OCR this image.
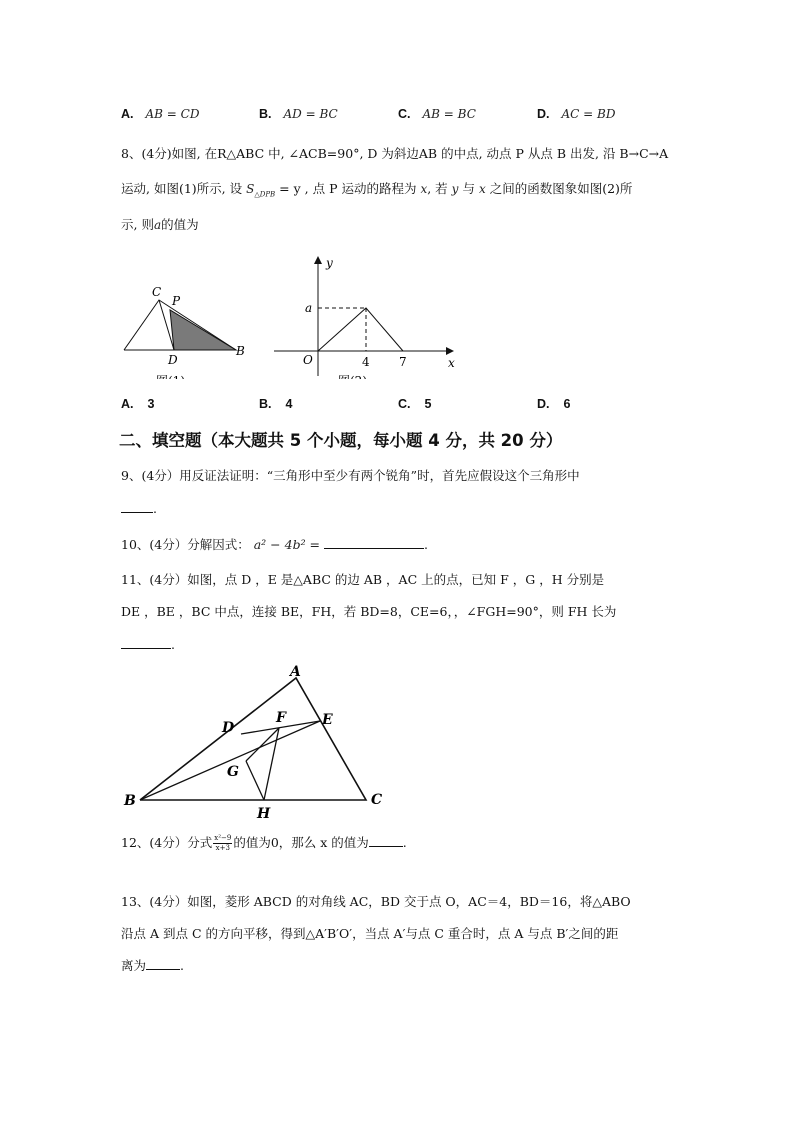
A. AB = CD	B. AD = BC	C. AB = BC	D. AC = BD
8、(4分)如图, 在R△ABC 中, ∠ACB=90°, D 为斜边AB 的中点, 动点 P 从点 B 出发, 沿 B→C→A
运动, 如图(1)所示, 设 $S_{\triangle DPB} = y$ , 点 P 运动的路程为 x, 若 y 与 x 之间的函数图象如图(2)所
示, 则a的值为
C
P
D
B
y
a
O	4 7	x
A. 3	B. 4	C. 5	D. 6
二、填空题（本大题共 5 个小题，每小题 4 分，共 20 分）
9、(4分）用反证法证明：“三角形中至少有两个锐角”时，首先应假设这个三角形中
.
10、(4分）分解因式： a² − 4b² =	.
11、(4分）如图，点 D ，E 是△ABC 的边 AB ，AC 上的点，已知 F ，G ，H 分别是
DE ，BE ，BC 中点，连接 BE，FH，若 BD=8，CE=6，，∠FGH=90°，则 FH 长为
.
A
D
F	E
G
B
H
C
12、(4分）分式 $\frac{\text{x²−9}}{x+3}$ 的值为0，那么 x 的值为	.
13、(4分）如图，菱形 ABCD 的对角线 AC，BD 交于点 O，AC＝4，BD＝16，将△ABO
沿点 A 到点 C 的方向平移，得到△A′B′O′，当点 A′与点 C 重合时，点 A 与点 B′之间的距
离为	.
